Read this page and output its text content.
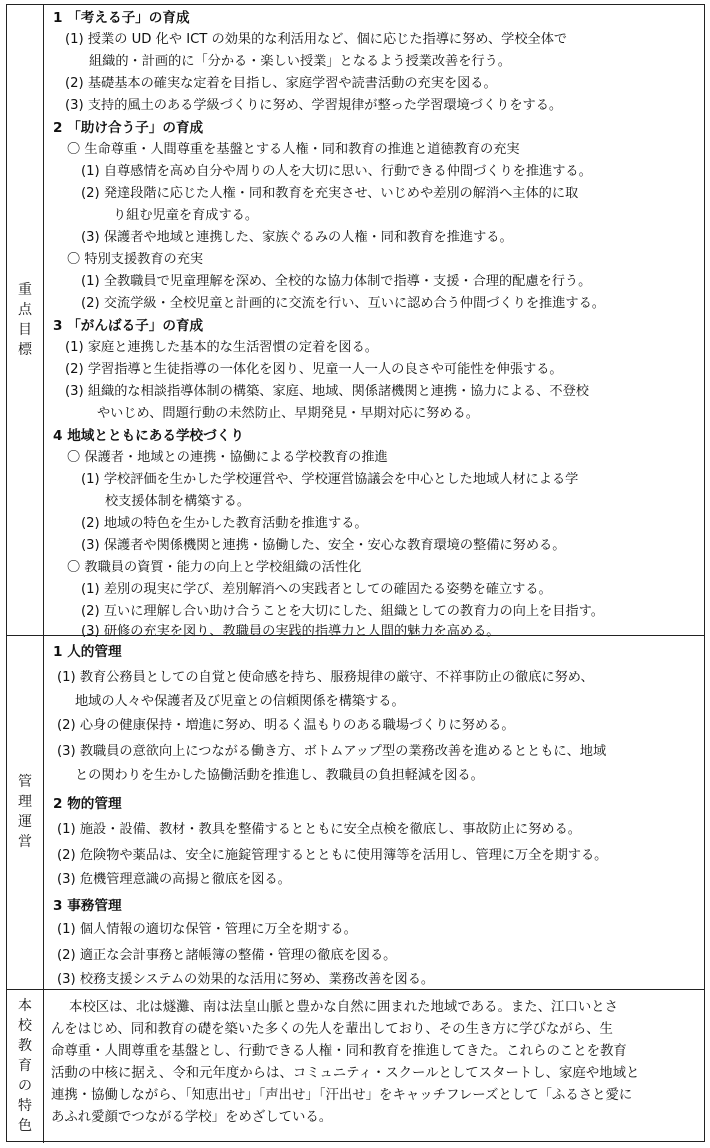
重点目標
1 「考える子」の育成
(1) 授業の UD 化や ICT の効果的な利活用など、個に応じた指導に努め、学校全体で
組織的・計画的に「分かる・楽しい授業」となるよう授業改善を行う。
(2) 基礎基本の確実な定着を目指し、家庭学習や読書活動の充実を図る。
(3) 支持的風土のある学級づくりに努め、学習規律が整った学習環境づくりをする。
2 「助け合う子」の育成
〇 生命尊重・人間尊重を基盤とする人権・同和教育の推進と道徳教育の充実
(1) 自尊感情を高め自分や周りの人を大切に思い、行動できる仲間づくりを推進する。
(2) 発達段階に応じた人権・同和教育を充実させ、いじめや差別の解消へ主体的に取
り組む児童を育成する。
(3) 保護者や地域と連携した、家族ぐるみの人権・同和教育を推進する。
〇 特別支援教育の充実
(1) 全教職員で児童理解を深め、全校的な協力体制で指導・支援・合理的配慮を行う。
(2) 交流学級・全校児童と計画的に交流を行い、互いに認め合う仲間づくりを推進する。
3 「がんばる子」の育成
(1) 家庭と連携した基本的な生活習慣の定着を図る。
(2) 学習指導と生徒指導の一体化を図り、児童一人一人の良さや可能性を伸張する。
(3) 組織的な相談指導体制の構築、家庭、地域、関係諸機関と連携・協力による、不登校
やいじめ、問題行動の未然防止、早期発見・早期対応に努める。
4 地域とともにある学校づくり
〇 保護者・地域との連携・協働による学校教育の推進
(1) 学校評価を生かした学校運営や、学校運営協議会を中心とした地域人材による学
校支援体制を構築する。
(2) 地域の特色を生かした教育活動を推進する。
(3) 保護者や関係機関と連携・協働した、安全・安心な教育環境の整備に努める。
〇 教職員の資質・能力の向上と学校組織の活性化
(1) 差別の現実に学び、差別解消への実践者としての確固たる姿勢を確立する。
(2) 互いに理解し合い助け合うことを大切にした、組織としての教育力の向上を目指す。
(3) 研修の充実を図り、教職員の実践的指導力と人間的魅力を高める。
管理運営
1 人的管理
(1) 教育公務員としての自覚と使命感を持ち、服務規律の厳守、不祥事防止の徹底に努め、
地域の人々や保護者及び児童との信頼関係を構築する。
(2) 心身の健康保持・増進に努め、明るく温もりのある職場づくりに努める。
(3) 教職員の意欲向上につながる働き方、ボトムアップ型の業務改善を進めるとともに、地域
との関わりを生かした協働活動を推進し、教職員の負担軽減を図る。
2 物的管理
(1) 施設・設備、教材・教具を整備するとともに安全点検を徹底し、事故防止に努める。
(2) 危険物や薬品は、安全に施錠管理するとともに使用簿等を活用し、管理に万全を期する。
(3) 危機管理意識の高揚と徹底を図る。
3 事務管理
(1) 個人情報の適切な保管・管理に万全を期する。
(2) 適正な会計事務と諸帳簿の整備・管理の徹底を図る。
(3) 校務支援システムの効果的な活用に努め、業務改善を図る。
本校教育の特色
本校区は、北は燧灘、南は法皇山脈と豊かな自然に囲まれた地域である。また、江口いとさ
んをはじめ、同和教育の礎を築いた多くの先人を輩出しており、その生き方に学びながら、生
命尊重・人間尊重を基盤とし、行動できる人権・同和教育を推進してきた。これらのことを教育
活動の中核に据え、令和元年度からは、コミュニティ・スクールとしてスタートし、家庭や地域と
連携・協働しながら、「知恵出せ」「声出せ」「汗出せ」をキャッチフレーズとして「ふるさと愛に
あふれ愛顔でつながる学校」をめざしている。
